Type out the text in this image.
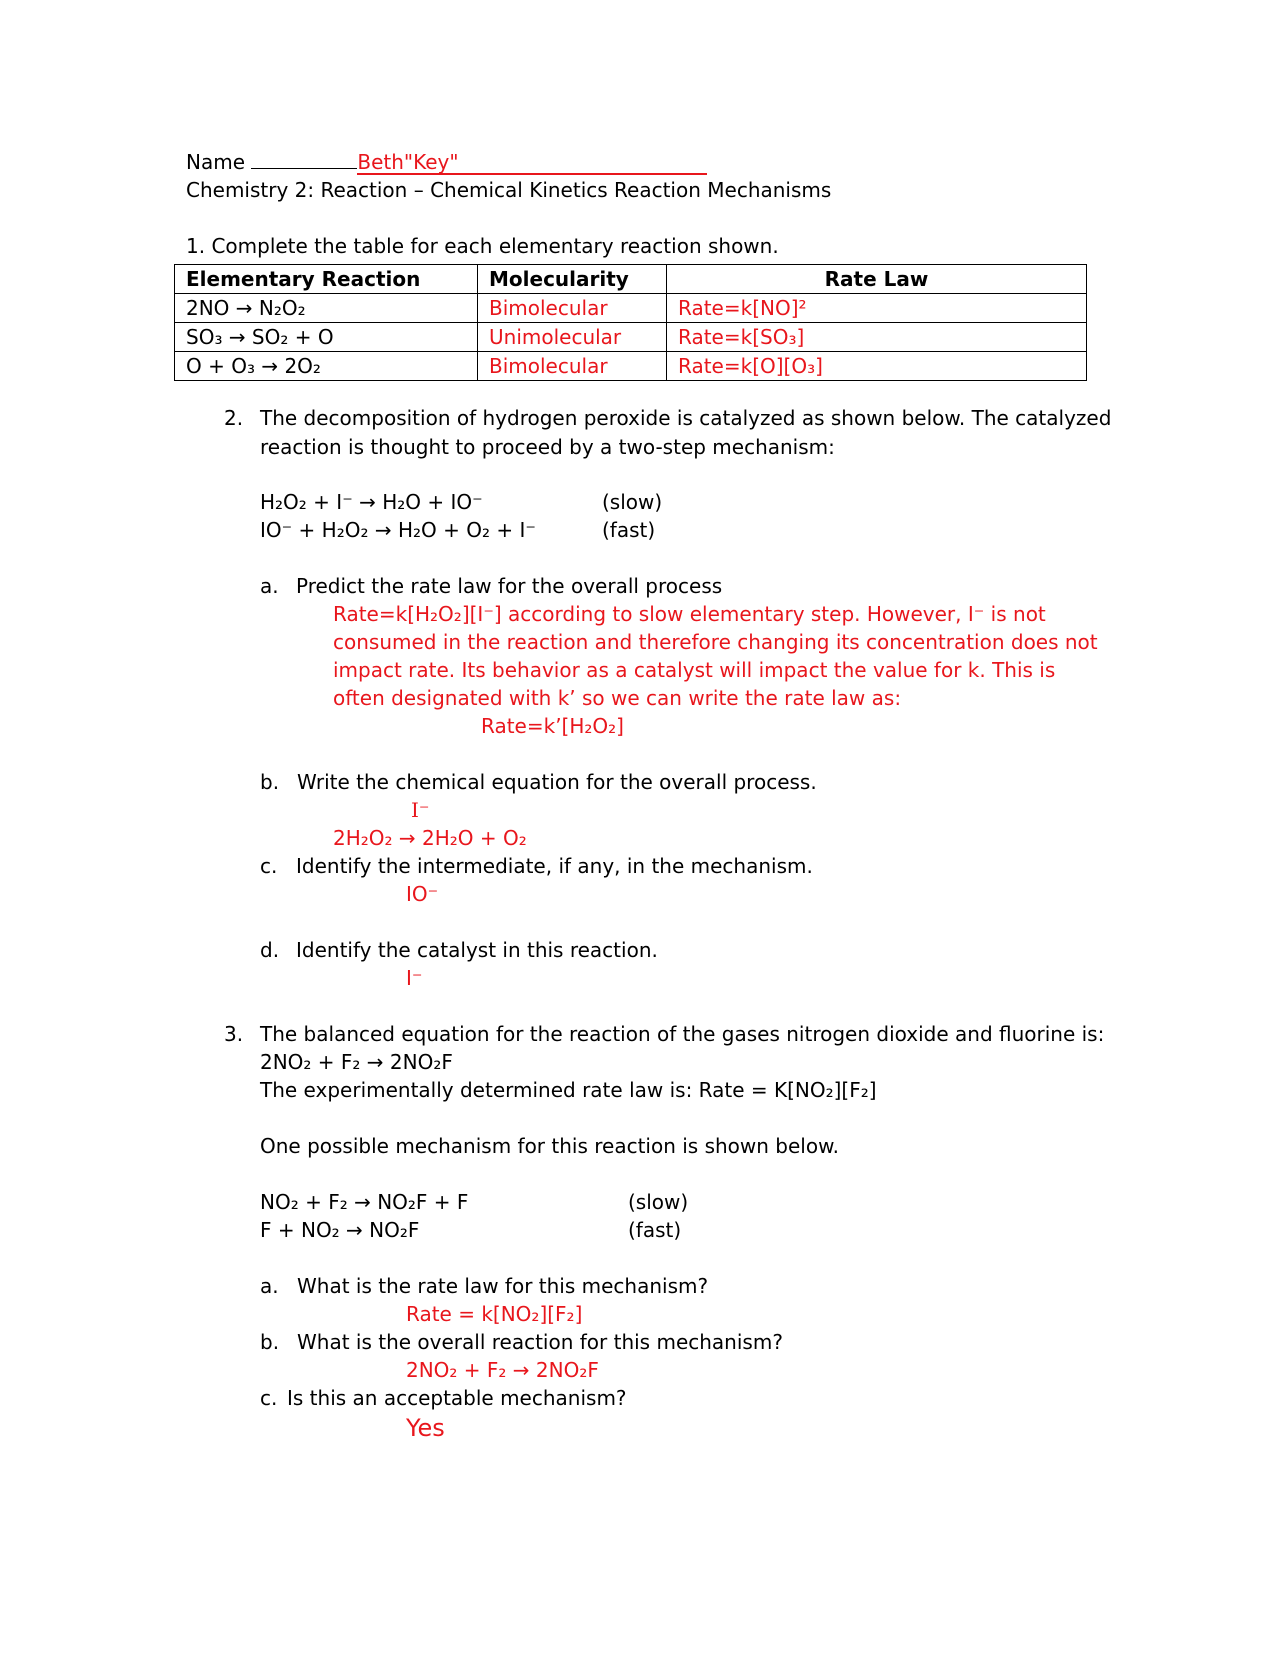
Name	Beth"Key"
Chemistry 2: Reaction – Chemical Kinetics Reaction Mechanisms
1. Complete the table for each elementary reaction shown.
Elementary Reaction	Molecularity	Rate Law
2NO → N₂O₂	Bimolecular	Rate=k[NO]²
SO₃ → SO₂ + O	Unimolecular	Rate=k[SO₃]
O + O₃ → 2O₂	Bimolecular	Rate=k[O][O₃]
2. The decomposition of hydrogen peroxide is catalyzed as shown below. The catalyzed
reaction is thought to proceed by a two-step mechanism:
H₂O₂ + I⁻ → H₂O + IO⁻	(slow)
IO⁻ + H₂O₂ → H₂O + O₂ + I⁻	(fast)
a. Predict the rate law for the overall process
Rate=k[H₂O₂][I⁻] according to slow elementary step. However, I⁻ is not
consumed in the reaction and therefore changing its concentration does not
impact rate. Its behavior as a catalyst will impact the value for k. This is
often designated with k’ so we can write the rate law as:
Rate=k’[H₂O₂]
b. Write the chemical equation for the overall process.
I⁻
2H₂O₂ → 2H₂O + O₂
c. Identify the intermediate, if any, in the mechanism.
IO⁻
d. Identify the catalyst in this reaction.
I⁻
3. The balanced equation for the reaction of the gases nitrogen dioxide and fluorine is:
2NO₂ + F₂ → 2NO₂F
The experimentally determined rate law is: Rate = K[NO₂][F₂]
One possible mechanism for this reaction is shown below.
NO₂ + F₂ → NO₂F + F	(slow)
F + NO₂ → NO₂F	(fast)
a. What is the rate law for this mechanism?
Rate = k[NO₂][F₂]
b. What is the overall reaction for this mechanism?
2NO₂ + F₂ → 2NO₂F
c. Is this an acceptable mechanism?
Yes
